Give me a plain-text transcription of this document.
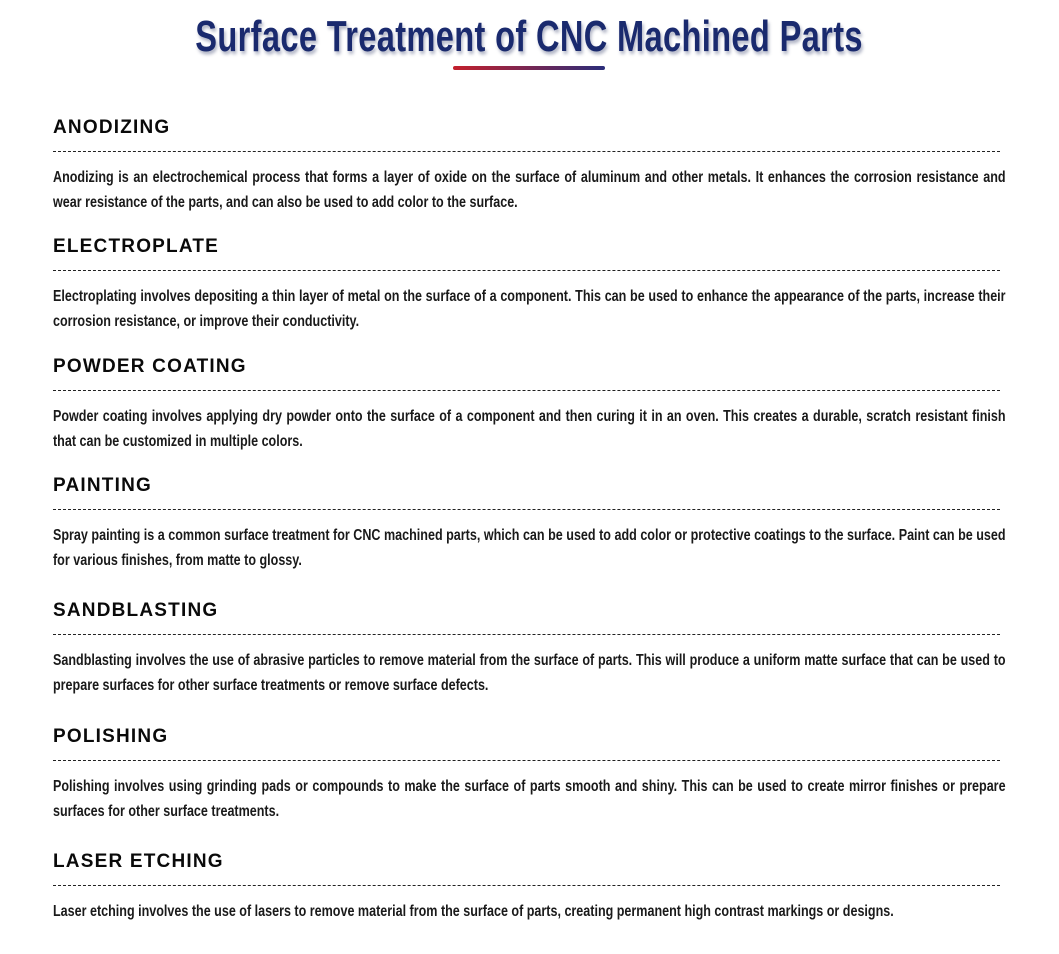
Surface Treatment of CNC Machined Parts
ANODIZING

Anodizing is an electrochemical process that forms a layer of oxide on the surface of aluminum and other metals. It enhances the corrosion resistance and wear resistance of the parts, and can also be used to add color to the surface.

ELECTROPLATE

Electroplating involves depositing a thin layer of metal on the surface of a component. This can be used to enhance the appearance of the parts, increase their corrosion resistance, or improve their conductivity.

POWDER COATING

Powder coating involves applying dry powder onto the surface of a component and then curing it in an oven. This creates a durable, scratch resistant finish that can be customized in multiple colors.

PAINTING

Spray painting is a common surface treatment for CNC machined parts, which can be used to add color or protective coatings to the surface. Paint can be used for various finishes, from matte to glossy.

SANDBLASTING

Sandblasting involves the use of abrasive particles to remove material from the surface of parts. This will produce a uniform matte surface that can be used to prepare surfaces for other surface treatments or remove surface defects.

POLISHING

Polishing involves using grinding pads or compounds to make the surface of parts smooth and shiny. This can be used to create mirror finishes or prepare surfaces for other surface treatments.

LASER ETCHING

Laser etching involves the use of lasers to remove material from the surface of parts, creating permanent high contrast markings or designs.
